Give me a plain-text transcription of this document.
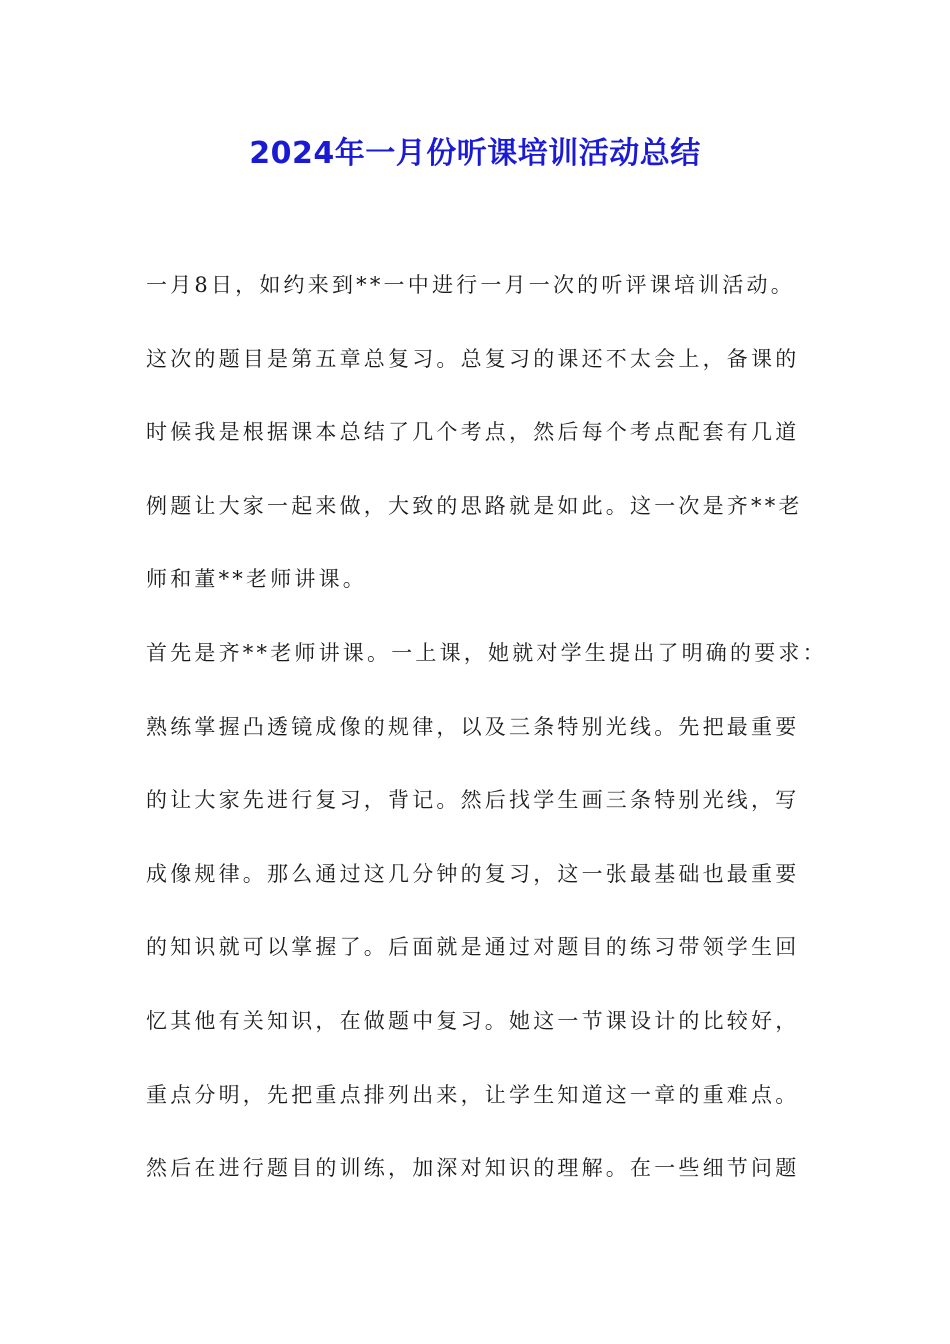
2024年一月份听课培训活动总结
一月8日，如约来到**一中进行一月一次的听评课培训活动。
这次的题目是第五章总复习。总复习的课还不太会上，备课的
时候我是根据课本总结了几个考点，然后每个考点配套有几道
例题让大家一起来做，大致的思路就是如此。这一次是齐**老
师和董**老师讲课。
首先是齐**老师讲课。一上课，她就对学生提出了明确的要求：
熟练掌握凸透镜成像的规律，以及三条特别光线。先把最重要
的让大家先进行复习，背记。然后找学生画三条特别光线，写
成像规律。那么通过这几分钟的复习，这一张最基础也最重要
的知识就可以掌握了。后面就是通过对题目的练习带领学生回
忆其他有关知识，在做题中复习。她这一节课设计的比较好，
重点分明，先把重点排列出来，让学生知道这一章的重难点。
然后在进行题目的训练，加深对知识的理解。在一些细节问题
